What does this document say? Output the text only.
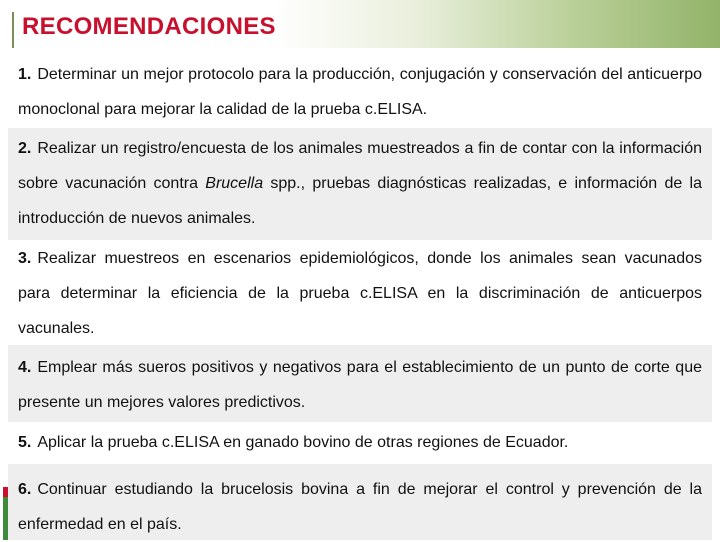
RECOMENDACIONES
1. Determinar un mejor protocolo para la producción, conjugación y conservación del anticuerpo monoclonal para mejorar la calidad de la prueba c.ELISA.
2. Realizar un registro/encuesta de los animales muestreados a fin de contar con la información sobre vacunación contra Brucella spp., pruebas diagnósticas realizadas, e información de la introducción de nuevos animales.
3. Realizar muestreos en escenarios epidemiológicos, donde los animales sean vacunados para determinar la eficiencia de la prueba c.ELISA en la discriminación de anticuerpos vacunales.
4. Emplear más sueros positivos y negativos para el establecimiento de un punto de corte que presente un mejores valores predictivos.
5. Aplicar la prueba c.ELISA en ganado bovino de otras regiones de Ecuador.
6. Continuar estudiando la brucelosis bovina a fin de mejorar el control y prevención de la enfermedad en el país.
